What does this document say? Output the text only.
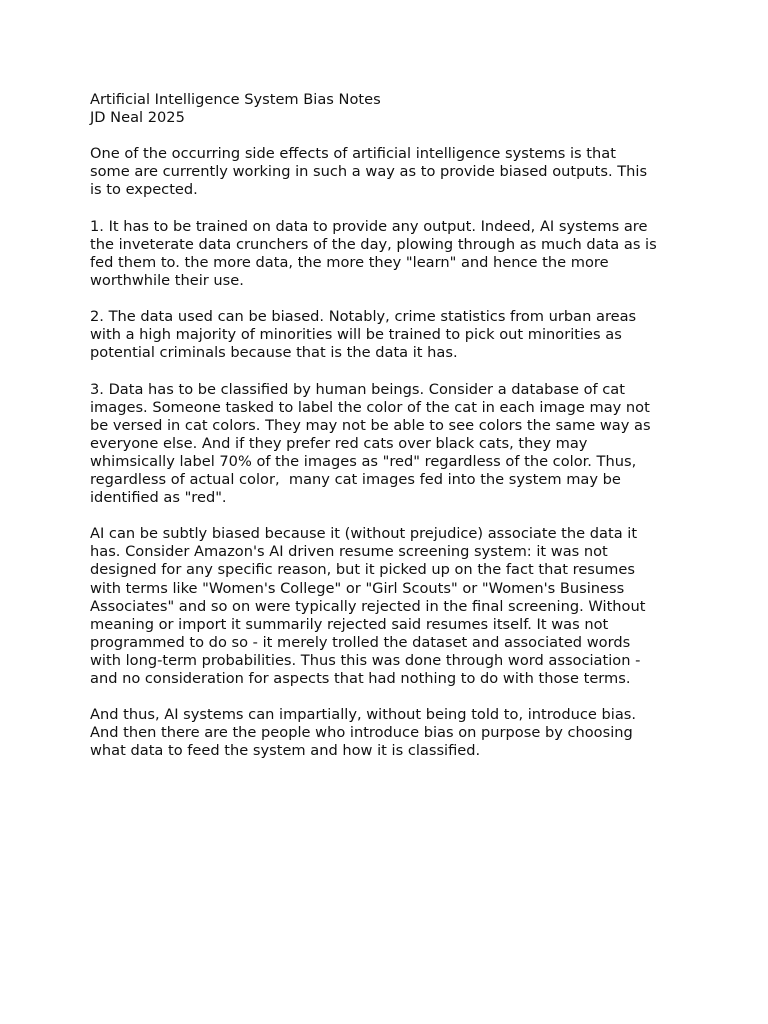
Artificial Intelligence System Bias Notes

JD Neal 2025

One of the occurring side effects of artificial intelligence systems is that
some are currently working in such a way as to provide biased outputs. This
is to expected.

1. It has to be trained on data to provide any output. Indeed, AI systems are
the inveterate data crunchers of the day, plowing through as much data as is
fed them to. the more data, the more they "learn" and hence the more
worthwhile their use.

2. The data used can be biased. Notably, crime statistics from urban areas
with a high majority of minorities will be trained to pick out minorities as
potential criminals because that is the data it has.

3. Data has to be classified by human beings. Consider a database of cat
images. Someone tasked to label the color of the cat in each image may not
be versed in cat colors. They may not be able to see colors the same way as
everyone else. And if they prefer red cats over black cats, they may
whimsically label 70% of the images as "red" regardless of the color. Thus,
regardless of actual color,  many cat images fed into the system may be
identified as "red".

AI can be subtly biased because it (without prejudice) associate the data it
has. Consider Amazon's AI driven resume screening system: it was not
designed for any specific reason, but it picked up on the fact that resumes
with terms like "Women's College" or "Girl Scouts" or "Women's Business
Associates" and so on were typically rejected in the final screening. Without
meaning or import it summarily rejected said resumes itself. It was not
programmed to do so - it merely trolled the dataset and associated words
with long-term probabilities. Thus this was done through word association -
and no consideration for aspects that had nothing to do with those terms.

And thus, AI systems can impartially, without being told to, introduce bias.
And then there are the people who introduce bias on purpose by choosing
what data to feed the system and how it is classified.
